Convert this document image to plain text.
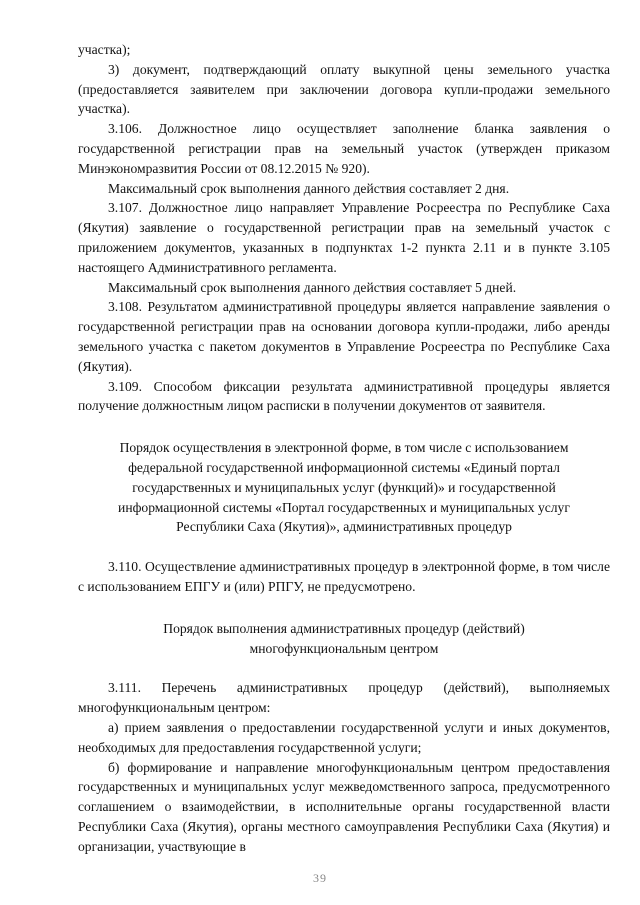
участка);

3) документ, подтверждающий оплату выкупной цены земельного участка (предоставляется заявителем при заключении договора купли-продажи земельного участка).

3.106. Должностное лицо осуществляет заполнение бланка заявления о государственной регистрации прав на земельный участок (утвержден приказом Минэкономразвития России от 08.12.2015 № 920).

Максимальный срок выполнения данного действия составляет 2 дня.

3.107. Должностное лицо направляет Управление Росреестра по Республике Саха (Якутия) заявление о государственной регистрации прав на земельный участок с приложением документов, указанных в подпунктах 1-2 пункта 2.11 и в пункте 3.105 настоящего Административного регламента.

Максимальный срок выполнения данного действия составляет 5 дней.

3.108. Результатом административной процедуры является направление заявления о государственной регистрации прав на основании договора купли-продажи, либо аренды земельного участка с пакетом документов в Управление Росреестра по Республике Саха (Якутия).

3.109. Способом фиксации результата административной процедуры является получение должностным лицом расписки в получении документов от заявителя.

Порядок осуществления в электронной форме, в том числе с использованием федеральной государственной информационной системы «Единый портал государственных и муниципальных услуг (функций)» и государственной информационной системы «Портал государственных и муниципальных услуг Республики Саха (Якутия)», административных процедур

3.110. Осуществление административных процедур в электронной форме, в том числе с использованием ЕПГУ и (или) РПГУ, не предусмотрено.

Порядок выполнения административных процедур (действий) многофункциональным центром

3.111. Перечень административных процедур (действий), выполняемых многофункциональным центром:

а) прием заявления о предоставлении государственной услуги и иных документов, необходимых для предоставления государственной услуги;

б) формирование и направление многофункциональным центром предоставления государственных и муниципальных услуг межведомственного запроса, предусмотренного соглашением о взаимодействии, в исполнительные органы государственной власти Республики Саха (Якутия), органы местного самоуправления Республики Саха (Якутия) и организации, участвующие в

39
